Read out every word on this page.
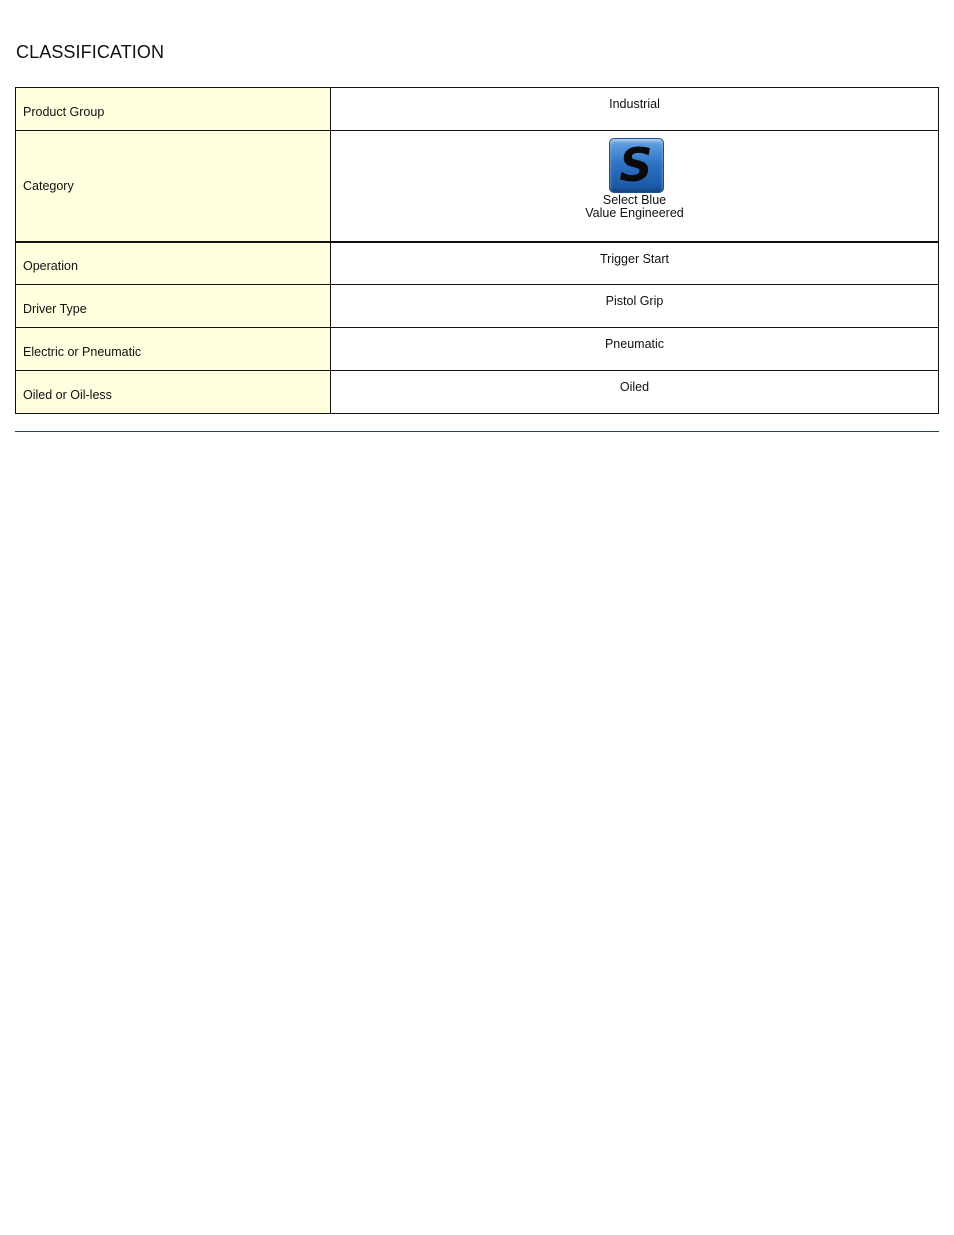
CLASSIFICATION
Product Group	Industrial

Category	S
Select Blue
Value Engineered

Operation	Trigger Start

Driver Type	Pistol Grip

Electric or Pneumatic	Pneumatic

Oiled or Oil-less	Oiled
